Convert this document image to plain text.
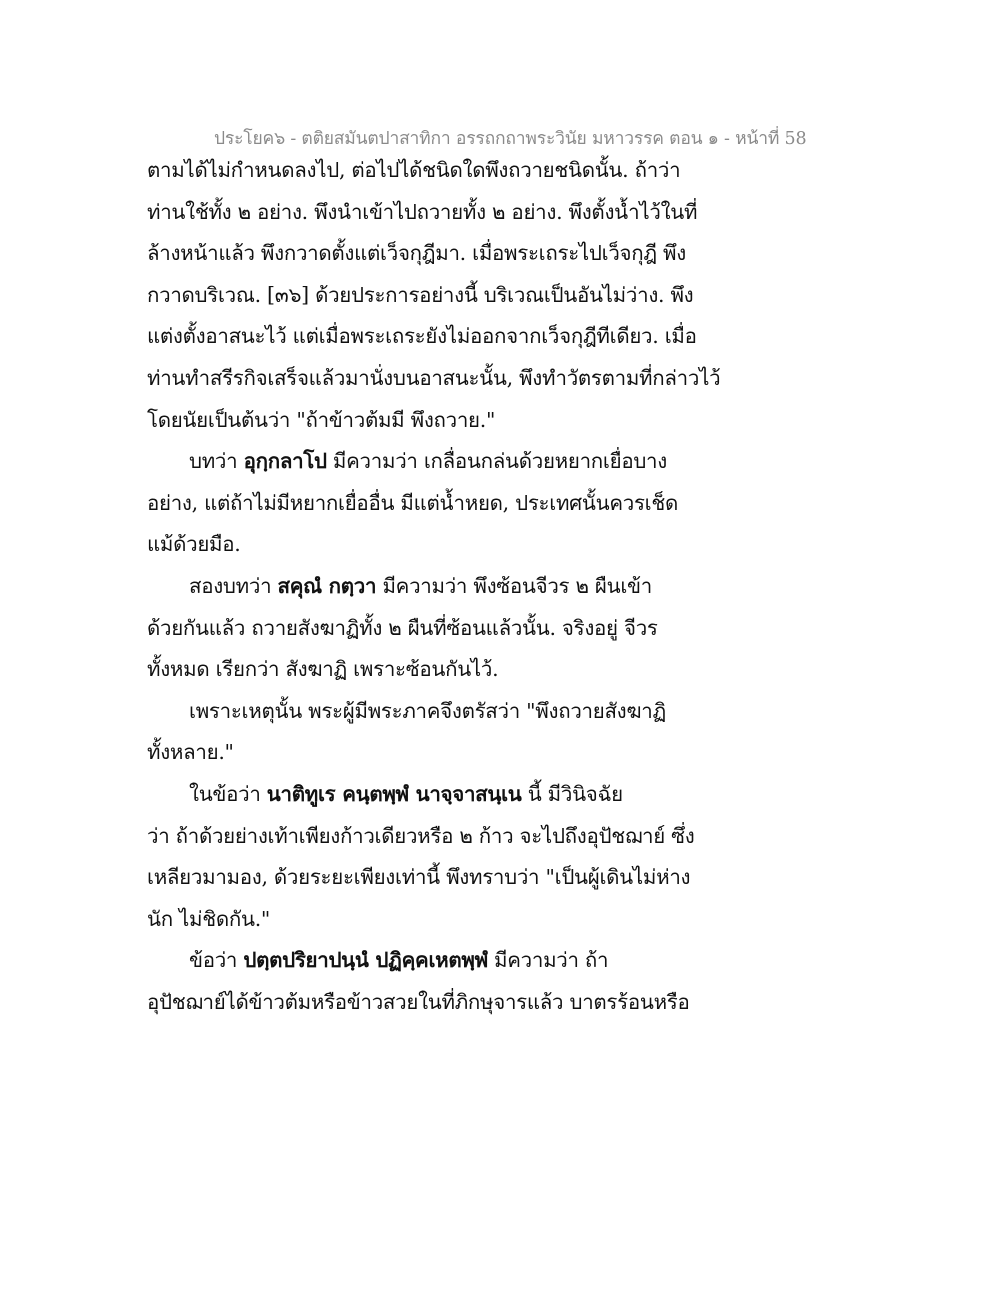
ประโยค๖ - ตติยสมันตปาสาทิกา อรรถกถาพระวินัย มหาวรรค ตอน ๑ - หน้าที่ 58
ตามได้ไม่กำหนดลงไป, ต่อไปได้ชนิดใดพึงถวายชนิดนั้น. ถ้าว่า
ท่านใช้ทั้ง ๒ อย่าง. พึงนำเข้าไปถวายทั้ง ๒ อย่าง. พึงตั้งน้ำไว้ในที่
ล้างหน้าแล้ว พึงกวาดตั้งแต่เว็จกุฎีมา. เมื่อพระเถระไปเว็จกุฎี พึง
กวาดบริเวณ. [๓๖] ด้วยประการอย่างนี้ บริเวณเป็นอันไม่ว่าง. พึง
แต่งตั้งอาสนะไว้ แต่เมื่อพระเถระยังไม่ออกจากเว็จกุฎีทีเดียว. เมื่อ
ท่านทำสรีรกิจเสร็จแล้วมานั่งบนอาสนะนั้น, พึงทำวัตรตามที่กล่าวไว้
โดยนัยเป็นต้นว่า "ถ้าข้าวต้มมี พึงถวาย."
บทว่า อุกฺกลาโป มีความว่า เกลื่อนกล่นด้วยหยากเยื่อบาง
อย่าง, แต่ถ้าไม่มีหยากเยื่ออื่น มีแต่น้ำหยด, ประเทศนั้นควรเช็ด
แม้ด้วยมือ.
สองบทว่า สคุณํ กตฺวา มีความว่า พึงซ้อนจีวร ๒ ผืนเข้า
ด้วยกันแล้ว ถวายสังฆาฏิทั้ง ๒ ผืนที่ซ้อนแล้วนั้น. จริงอยู่ จีวร
ทั้งหมด เรียกว่า สังฆาฏิ เพราะซ้อนกันไว้.
เพราะเหตุนั้น พระผู้มีพระภาคจึงตรัสว่า "พึงถวายสังฆาฏิ
ทั้งหลาย."
ในข้อว่า นาติทูเร คนฺตพฺพํ นาจฺจาสนฺเน นี้ มีวินิจฉัย
ว่า ถ้าด้วยย่างเท้าเพียงก้าวเดียวหรือ ๒ ก้าว จะไปถึงอุปัชฌาย์ ซึ่ง
เหลียวมามอง, ด้วยระยะเพียงเท่านี้ พึงทราบว่า "เป็นผู้เดินไม่ห่าง
นัก ไม่ชิดกัน."
ข้อว่า ปตฺตปริยาปนฺนํ ปฏิคฺคเหตพฺพํ มีความว่า ถ้า
อุปัชฌาย์ได้ข้าวต้มหรือข้าวสวยในที่ภิกษุจารแล้ว บาตรร้อนหรือ
